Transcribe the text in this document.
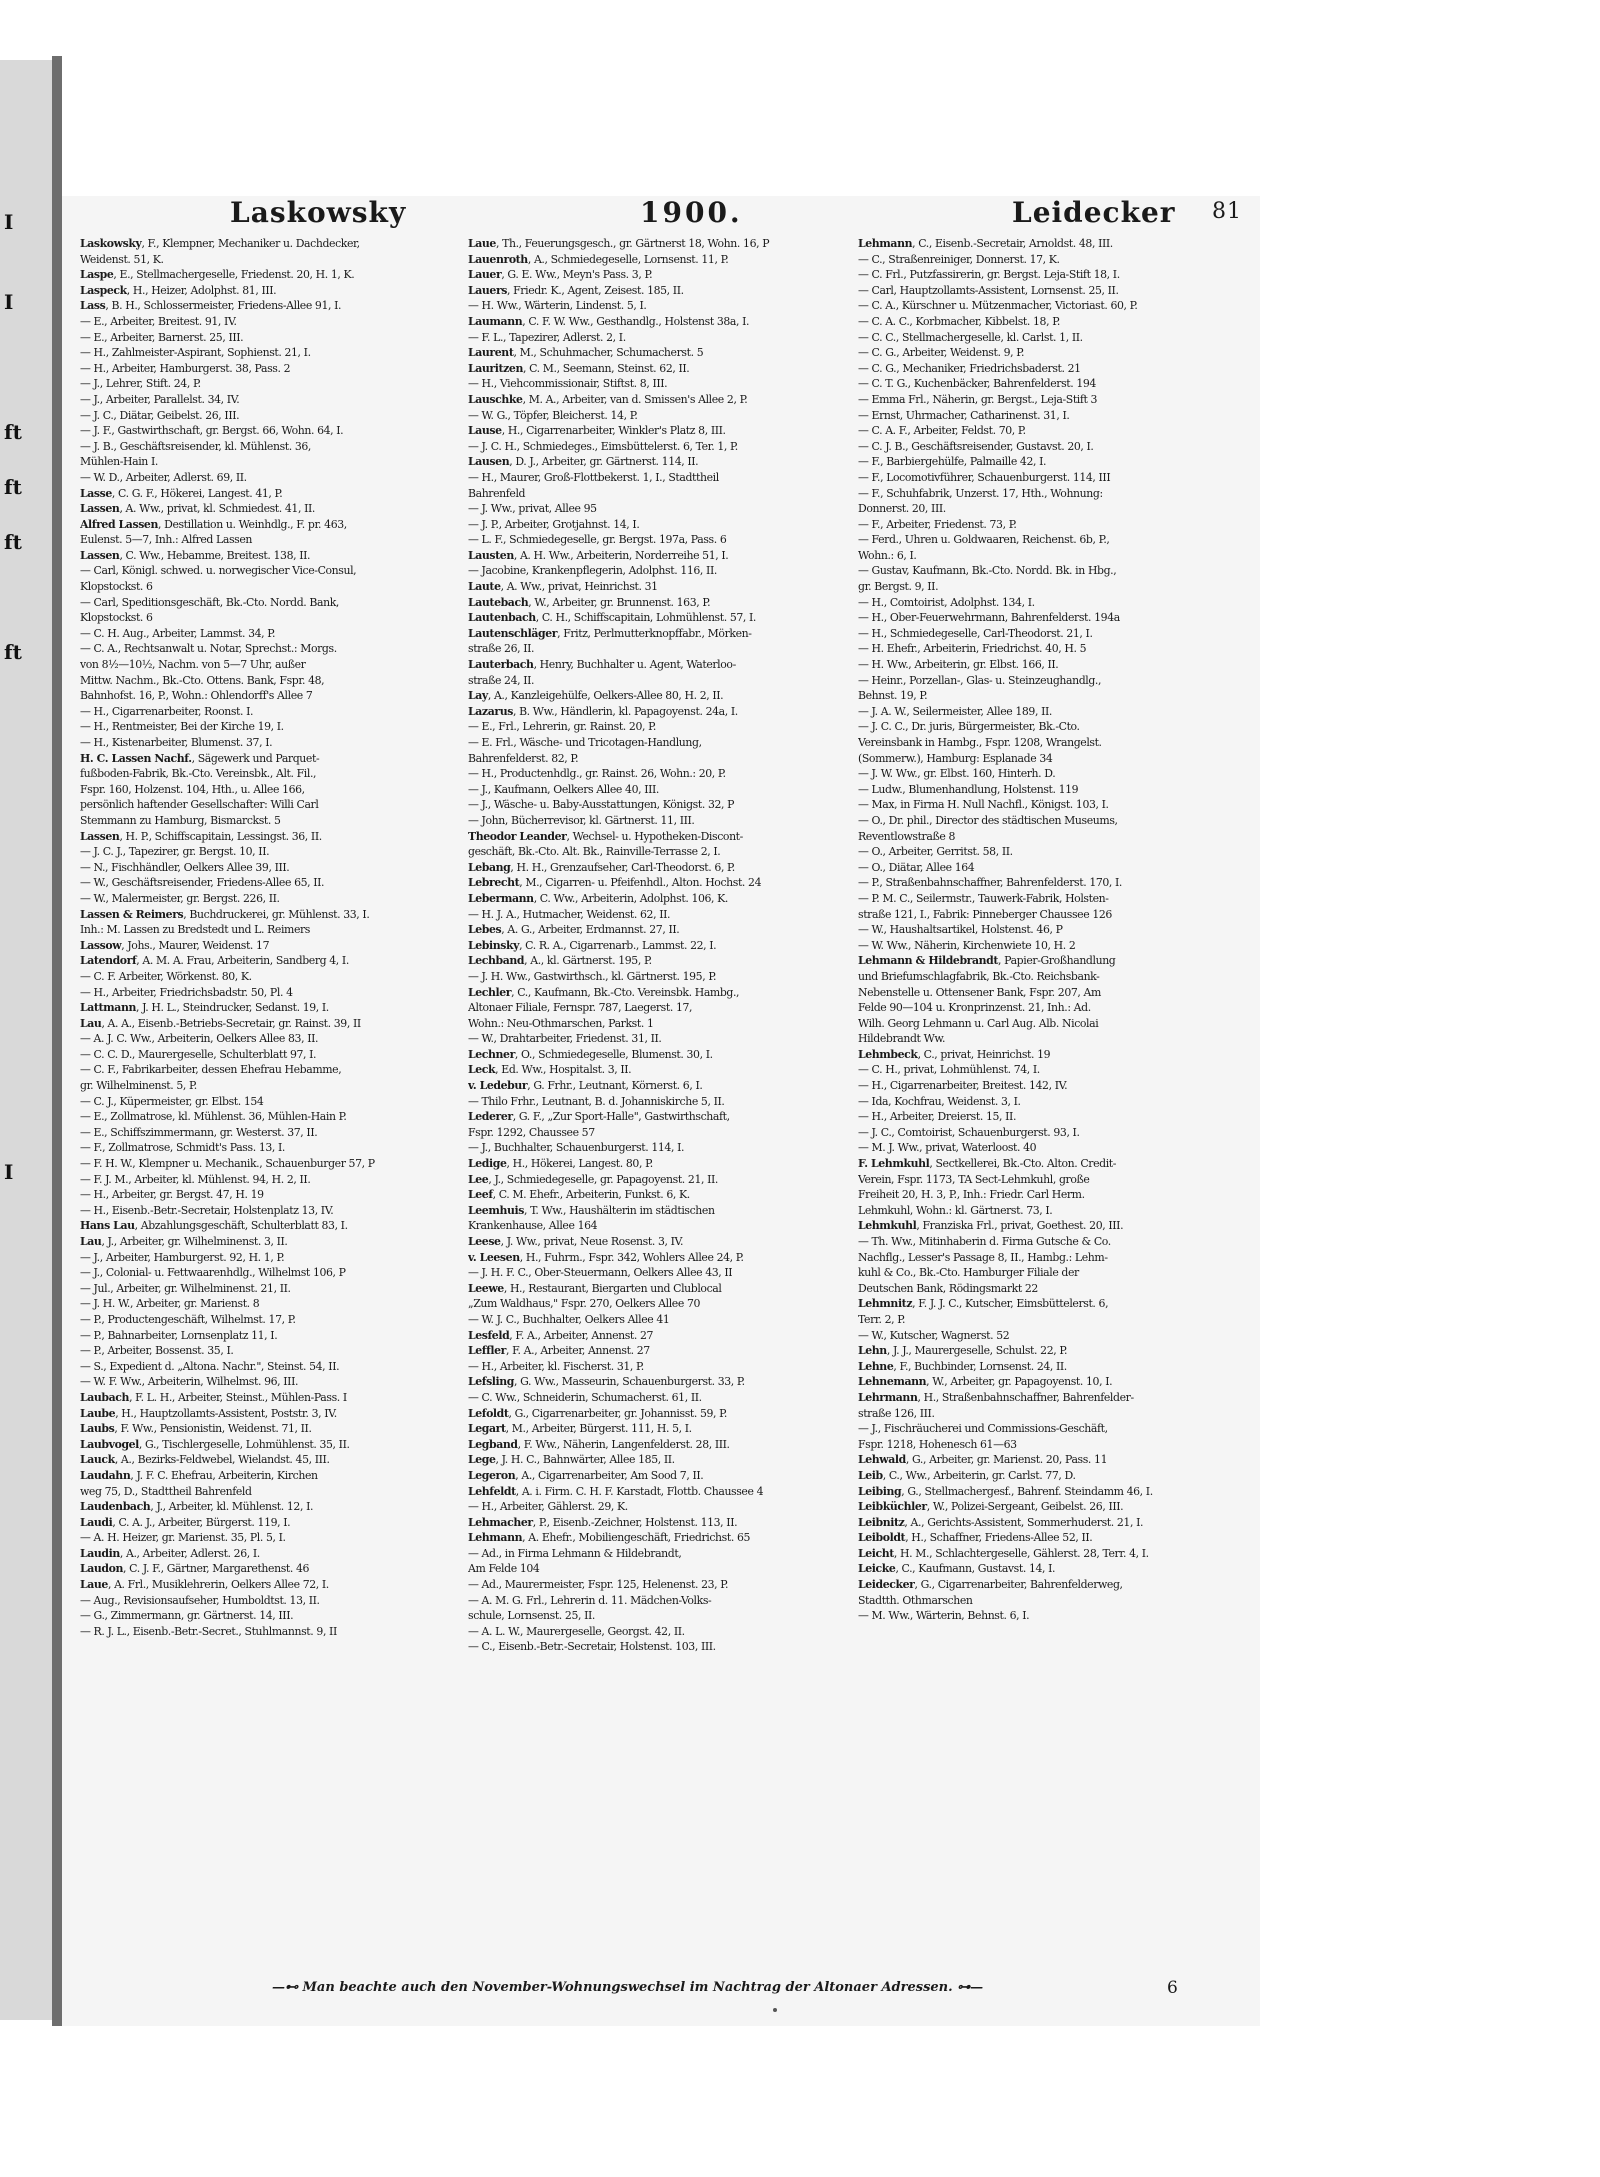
I
I
ft
ft
ft
ft
I
Laskowsky	1900.	Leidecker 81
Laskowsky, F., Klempner, Mechaniker u. Dachdecker,
Weidenst. 51, K.
Laspe, E., Stellmachergeselle, Friedenst. 20, H. 1, K.
Laspeck, H., Heizer, Adolphst. 81, III.
Lass, B. H., Schlossermeister, Friedens-Allee 91, I.
— E., Arbeiter, Breitest. 91, IV.
— E., Arbeiter, Barnerst. 25, III.
— H., Zahlmeister-Aspirant, Sophienst. 21, I.
— H., Arbeiter, Hamburgerst. 38, Pass. 2
— J., Lehrer, Stift. 24, P.
— J., Arbeiter, Parallelst. 34, IV.
— J. C., Diätar, Geibelst. 26, III.
— J. F., Gastwirthschaft, gr. Bergst. 66, Wohn. 64, I.
— J. B., Geschäftsreisender, kl. Mühlenst. 36,
Mühlen-Hain I.
— W. D., Arbeiter, Adlerst. 69, II.
Lasse, C. G. F., Hökerei, Langest. 41, P.
Lassen, A. Ww., privat, kl. Schmiedest. 41, II.
Alfred Lassen, Destillation u. Weinhdlg., F. pr. 463,
Eulenst. 5—7, Inh.: Alfred Lassen
Lassen, C. Ww., Hebamme, Breitest. 138, II.
— Carl, Königl. schwed. u. norwegischer Vice-Consul,
Klopstockst. 6
— Carl, Speditionsgeschäft, Bk.-Cto. Nordd. Bank,
Klopstockst. 6
— C. H. Aug., Arbeiter, Lammst. 34, P.
— C. A., Rechtsanwalt u. Notar, Sprechst.: Morgs.
von 8½—10½, Nachm. von 5—7 Uhr, außer
Mittw. Nachm., Bk.-Cto. Ottens. Bank, Fspr. 48,
Bahnhofst. 16, P., Wohn.: Ohlendorff's Allee 7
— H., Cigarrenarbeiter, Roonst. I.
— H., Rentmeister, Bei der Kirche 19, I.
— H., Kistenarbeiter, Blumenst. 37, I.
H. C. Lassen Nachf., Sägewerk und Parquet-
fußboden-Fabrik, Bk.-Cto. Vereinsbk., Alt. Fil.,
Fspr. 160, Holzenst. 104, Hth., u. Allee 166,
persönlich haftender Gesellschafter: Willi Carl
Stemmann zu Hamburg, Bismarckst. 5
Lassen, H. P., Schiffscapitain, Lessingst. 36, II.
— J. C. J., Tapezirer, gr. Bergst. 10, II.
— N., Fischhändler, Oelkers Allee 39, III.
— W., Geschäftsreisender, Friedens-Allee 65, II.
— W., Malermeister, gr. Bergst. 226, II.
Lassen & Reimers, Buchdruckerei, gr. Mühlenst. 33, I.
Inh.: M. Lassen zu Bredstedt und L. Reimers
Lassow, Johs., Maurer, Weidenst. 17
Latendorf, A. M. A. Frau, Arbeiterin, Sandberg 4, I.
— C. F. Arbeiter, Wörkenst. 80, K.
— H., Arbeiter, Friedrichsbadstr. 50, Pl. 4
Lattmann, J. H. L., Steindrucker, Sedanst. 19, I.
Lau, A. A., Eisenb.-Betriebs-Secretair, gr. Rainst. 39, II
— A. J. C. Ww., Arbeiterin, Oelkers Allee 83, II.
— C. C. D., Maurergeselle, Schulterblatt 97, I.
— C. F., Fabrikarbeiter, dessen Ehefrau Hebamme,
gr. Wilhelminenst. 5, P.
— C. J., Küpermeister, gr. Elbst. 154
— E., Zollmatrose, kl. Mühlenst. 36, Mühlen-Hain P.
— E., Schiffszimmermann, gr. Westerst. 37, II.
— F., Zollmatrose, Schmidt's Pass. 13, I.
— F. H. W., Klempner u. Mechanik., Schauenburger 57, P
— F. J. M., Arbeiter, kl. Mühlenst. 94, H. 2, II.
— H., Arbeiter, gr. Bergst. 47, H. 19
— H., Eisenb.-Betr.-Secretair, Holstenplatz 13, IV.
Hans Lau, Abzahlungsgeschäft, Schulterblatt 83, I.
Lau, J., Arbeiter, gr. Wilhelminenst. 3, II.
— J., Arbeiter, Hamburgerst. 92, H. 1, P.
— J., Colonial- u. Fettwaarenhdlg., Wilhelmst 106, P
— Jul., Arbeiter, gr. Wilhelminenst. 21, II.
— J. H. W., Arbeiter, gr. Marienst. 8
— P., Productengeschäft, Wilhelmst. 17, P.
— P., Bahnarbeiter, Lornsenplatz 11, I.
— P., Arbeiter, Bossenst. 35, I.
— S., Expedient d. „Altona. Nachr.", Steinst. 54, II.
— W. F. Ww., Arbeiterin, Wilhelmst. 96, III.
Laubach, F. L. H., Arbeiter, Steinst., Mühlen-Pass. I
Laube, H., Hauptzollamts-Assistent, Poststr. 3, IV.
Laubs, F. Ww., Pensionistin, Weidenst. 71, II.
Laubvogel, G., Tischlergeselle, Lohmühlenst. 35, II.
Lauck, A., Bezirks-Feldwebel, Wielandst. 45, III.
Laudahn, J. F. C. Ehefrau, Arbeiterin, Kirchen
weg 75, D., Stadttheil Bahrenfeld
Laudenbach, J., Arbeiter, kl. Mühlenst. 12, I.
Laudi, C. A. J., Arbeiter, Bürgerst. 119, I.
— A. H. Heizer, gr. Marienst. 35, Pl. 5, I.
Laudin, A., Arbeiter, Adlerst. 26, I.
Laudon, C. J. F., Gärtner, Margarethenst. 46
Laue, A. Frl., Musiklehrerin, Oelkers Allee 72, I.
— Aug., Revisionsaufseher, Humboldtst. 13, II.
— G., Zimmermann, gr. Gärtnerst. 14, III.
— R. J. L., Eisenb.-Betr.-Secret., Stuhlmannst. 9, II
Laue, Th., Feuerungsgesch., gr. Gärtnerst 18, Wohn. 16, P
Lauenroth, A., Schmiedegeselle, Lornsenst. 11, P.
Lauer, G. E. Ww., Meyn's Pass. 3, P.
Lauers, Friedr. K., Agent, Zeisest. 185, II.
— H. Ww., Wärterin, Lindenst. 5, I.
Laumann, C. F. W. Ww., Gesthandlg., Holstenst 38a, I.
— F. L., Tapezirer, Adlerst. 2, I.
Laurent, M., Schuhmacher, Schumacherst. 5
Lauritzen, C. M., Seemann, Steinst. 62, II.
— H., Viehcommissionair, Stiftst. 8, III.
Lauschke, M. A., Arbeiter, van d. Smissen's Allee 2, P.
— W. G., Töpfer, Bleicherst. 14, P.
Lause, H., Cigarrenarbeiter, Winkler's Platz 8, III.
— J. C. H., Schmiedeges., Eimsbüttelerst. 6, Ter. 1, P.
Lausen, D. J., Arbeiter, gr. Gärtnerst. 114, II.
— H., Maurer, Groß-Flottbekerst. 1, I., Stadttheil
Bahrenfeld
— J. Ww., privat, Allee 95
— J. P., Arbeiter, Grotjahnst. 14, I.
— L. F., Schmiedegeselle, gr. Bergst. 197a, Pass. 6
Lausten, A. H. Ww., Arbeiterin, Norderreihe 51, I.
— Jacobine, Krankenpflegerin, Adolphst. 116, II.
Laute, A. Ww., privat, Heinrichst. 31
Lautebach, W., Arbeiter, gr. Brunnenst. 163, P.
Lautenbach, C. H., Schiffscapitain, Lohmühlenst. 57, I.
Lautenschläger, Fritz, Perlmutterknopffabr., Mörken-
straße 26, II.
Lauterbach, Henry, Buchhalter u. Agent, Waterloo-
straße 24, II.
Lay, A., Kanzleigehülfe, Oelkers-Allee 80, H. 2, II.
Lazarus, B. Ww., Händlerin, kl. Papagoyenst. 24a, I.
— E., Frl., Lehrerin, gr. Rainst. 20, P.
— E. Frl., Wäsche- und Tricotagen-Handlung,
Bahrenfelderst. 82, P.
— H., Productenhdlg., gr. Rainst. 26, Wohn.: 20, P.
— J., Kaufmann, Oelkers Allee 40, III.
— J., Wäsche- u. Baby-Ausstattungen, Königst. 32, P
— John, Bücherrevisor, kl. Gärtnerst. 11, III.
Theodor Leander, Wechsel- u. Hypotheken-Discont-
geschäft, Bk.-Cto. Alt. Bk., Rainville-Terrasse 2, I.
Lebang, H. H., Grenzaufseher, Carl-Theodorst. 6, P.
Lebrecht, M., Cigarren- u. Pfeifenhdl., Alton. Hochst. 24
Lebermann, C. Ww., Arbeiterin, Adolphst. 106, K.
— H. J. A., Hutmacher, Weidenst. 62, II.
Lebes, A. G., Arbeiter, Erdmannst. 27, II.
Lebinsky, C. R. A., Cigarrenarb., Lammst. 22, I.
Lechband, A., kl. Gärtnerst. 195, P.
— J. H. Ww., Gastwirthsch., kl. Gärtnerst. 195, P.
Lechler, C., Kaufmann, Bk.-Cto. Vereinsbk. Hambg.,
Altonaer Filiale, Fernspr. 787, Laegerst. 17,
Wohn.: Neu-Othmarschen, Parkst. 1
— W., Drahtarbeiter, Friedenst. 31, II.
Lechner, O., Schmiedegeselle, Blumenst. 30, I.
Leck, Ed. Ww., Hospitalst. 3, II.
v. Ledebur, G. Frhr., Leutnant, Körnerst. 6, I.
— Thilo Frhr., Leutnant, B. d. Johanniskirche 5, II.
Lederer, G. F., „Zur Sport-Halle", Gastwirthschaft,
Fspr. 1292, Chaussee 57
— J., Buchhalter, Schauenburgerst. 114, I.
Ledige, H., Hökerei, Langest. 80, P.
Lee, J., Schmiedegeselle, gr. Papagoyenst. 21, II.
Leef, C. M. Ehefr., Arbeiterin, Funkst. 6, K.
Leemhuis, T. Ww., Haushälterin im städtischen
Krankenhause, Allee 164
Leese, J. Ww., privat, Neue Rosenst. 3, IV.
v. Leesen, H., Fuhrm., Fspr. 342, Wohlers Allee 24, P.
— J. H. F. C., Ober-Steuermann, Oelkers Allee 43, II
Leewe, H., Restaurant, Biergarten und Clublocal
„Zum Waldhaus," Fspr. 270, Oelkers Allee 70
— W. J. C., Buchhalter, Oelkers Allee 41
Lesfeld, F. A., Arbeiter, Annenst. 27
Leffler, F. A., Arbeiter, Annenst. 27
— H., Arbeiter, kl. Fischerst. 31, P.
Lefsling, G. Ww., Masseurin, Schauenburgerst. 33, P.
— C. Ww., Schneiderin, Schumacherst. 61, II.
Lefoldt, G., Cigarrenarbeiter, gr. Johannisst. 59, P.
Legart, M., Arbeiter, Bürgerst. 111, H. 5, I.
Legband, F. Ww., Näherin, Langenfelderst. 28, III.
Lege, J. H. C., Bahnwärter, Allee 185, II.
Legeron, A., Cigarrenarbeiter, Am Sood 7, II.
Lehfeldt, A. i. Firm. C. H. F. Karstadt, Flottb. Chaussee 4
— H., Arbeiter, Gählerst. 29, K.
Lehmacher, P., Eisenb.-Zeichner, Holstenst. 113, II.
Lehmann, A. Ehefr., Mobiliengeschäft, Friedrichst. 65
— Ad., in Firma Lehmann & Hildebrandt,
Am Felde 104
— Ad., Maurermeister, Fspr. 125, Helenenst. 23, P.
— A. M. G. Frl., Lehrerin d. 11. Mädchen-Volks-
schule, Lornsenst. 25, II.
— A. L. W., Maurergeselle, Georgst. 42, II.
— C., Eisenb.-Betr.-Secretair, Holstenst. 103, III.
Lehmann, C., Eisenb.-Secretair, Arnoldst. 48, III.
— C., Straßenreiniger, Donnerst. 17, K.
— C. Frl., Putzfassirerin, gr. Bergst. Leja-Stift 18, I.
— Carl, Hauptzollamts-Assistent, Lornsenst. 25, II.
— C. A., Kürschner u. Mützenmacher, Victoriast. 60, P.
— C. A. C., Korbmacher, Kibbelst. 18, P.
— C. C., Stellmachergeselle, kl. Carlst. 1, II.
— C. G., Arbeiter, Weidenst. 9, P.
— C. G., Mechaniker, Friedrichsbaderst. 21
— C. T. G., Kuchenbäcker, Bahrenfelderst. 194
— Emma Frl., Näherin, gr. Bergst., Leja-Stift 3
— Ernst, Uhrmacher, Catharinenst. 31, I.
— C. A. F., Arbeiter, Feldst. 70, P.
— C. J. B., Geschäftsreisender, Gustavst. 20, I.
— F., Barbiergehülfe, Palmaille 42, I.
— F., Locomotivführer, Schauenburgerst. 114, III
— F., Schuhfabrik, Unzerst. 17, Hth., Wohnung:
Donnerst. 20, III.
— F., Arbeiter, Friedenst. 73, P.
— Ferd., Uhren u. Goldwaaren, Reichenst. 6b, P.,
Wohn.: 6, I.
— Gustav, Kaufmann, Bk.-Cto. Nordd. Bk. in Hbg.,
gr. Bergst. 9, II.
— H., Comtoirist, Adolphst. 134, I.
— H., Ober-Feuerwehrmann, Bahrenfelderst. 194a
— H., Schmiedegeselle, Carl-Theodorst. 21, I.
— H. Ehefr., Arbeiterin, Friedrichst. 40, H. 5
— H. Ww., Arbeiterin, gr. Elbst. 166, II.
— Heinr., Porzellan-, Glas- u. Steinzeughandlg.,
Behnst. 19, P.
— J. A. W., Seilermeister, Allee 189, II.
— J. C. C., Dr. juris, Bürgermeister, Bk.-Cto.
Vereinsbank in Hambg., Fspr. 1208, Wrangelst.
(Sommerw.), Hamburg: Esplanade 34
— J. W. Ww., gr. Elbst. 160, Hinterh. D.
— Ludw., Blumenhandlung, Holstenst. 119
— Max, in Firma H. Null Nachfl., Königst. 103, I.
— O., Dr. phil., Director des städtischen Museums,
Reventlowstraße 8
— O., Arbeiter, Gerritst. 58, II.
— O., Diätar, Allee 164
— P., Straßenbahnschaffner, Bahrenfelderst. 170, I.
— P. M. C., Seilermstr., Tauwerk-Fabrik, Holsten-
straße 121, I., Fabrik: Pinneberger Chaussee 126
— W., Haushaltsartikel, Holstenst. 46, P
— W. Ww., Näherin, Kirchenwiete 10, H. 2
Lehmann & Hildebrandt, Papier-Großhandlung
und Briefumschlagfabrik, Bk.-Cto. Reichsbank-
Nebenstelle u. Ottensener Bank, Fspr. 207, Am
Felde 90—104 u. Kronprinzenst. 21, Inh.: Ad.
Wilh. Georg Lehmann u. Carl Aug. Alb. Nicolai
Hildebrandt Ww.
Lehmbeck, C., privat, Heinrichst. 19
— C. H., privat, Lohmühlenst. 74, I.
— H., Cigarrenarbeiter, Breitest. 142, IV.
— Ida, Kochfrau, Weidenst. 3, I.
— H., Arbeiter, Dreierst. 15, II.
— J. C., Comtoirist, Schauenburgerst. 93, I.
— M. J. Ww., privat, Waterloost. 40
F. Lehmkuhl, Sectkellerei, Bk.-Cto. Alton. Credit-
Verein, Fspr. 1173, TA Sect-Lehmkuhl, große
Freiheit 20, H. 3, P., Inh.: Friedr. Carl Herm.
Lehmkuhl, Wohn.: kl. Gärtnerst. 73, I.
Lehmkuhl, Franziska Frl., privat, Goethest. 20, III.
— Th. Ww., Mitinhaberin d. Firma Gutsche & Co.
Nachflg., Lesser's Passage 8, II., Hambg.: Lehm-
kuhl & Co., Bk.-Cto. Hamburger Filiale der
Deutschen Bank, Rödingsmarkt 22
Lehmnitz, F. J. J. C., Kutscher, Eimsbüttelerst. 6,
Terr. 2, P.
— W., Kutscher, Wagnerst. 52
Lehn, J. J., Maurergeselle, Schulst. 22, P.
Lehne, F., Buchbinder, Lornsenst. 24, II.
Lehnemann, W., Arbeiter, gr. Papagoyenst. 10, I.
Lehrmann, H., Straßenbahnschaffner, Bahrenfelder-
straße 126, III.
— J., Fischräucherei und Commissions-Geschäft,
Fspr. 1218, Hohenesch 61—63
Lehwald, G., Arbeiter, gr. Marienst. 20, Pass. 11
Leib, C., Ww., Arbeiterin, gr. Carlst. 77, D.
Leibing, G., Stellmachergesf., Bahrenf. Steindamm 46, I.
Leibküchler, W., Polizei-Sergeant, Geibelst. 26, III.
Leibnitz, A., Gerichts-Assistent, Sommerhuderst. 21, I.
Leiboldt, H., Schaffner, Friedens-Allee 52, II.
Leicht, H. M., Schlachtergeselle, Gählerst. 28, Terr. 4, I.
Leicke, C., Kaufmann, Gustavst. 14, I.
Leidecker, G., Cigarrenarbeiter, Bahrenfelderweg,
Stadtth. Othmarschen
— M. Ww., Wärterin, Behnst. 6, I.
—⊷ Man beachte auch den November-Wohnungswechsel im Nachtrag der Altonaer Adressen. ⊶—	6
